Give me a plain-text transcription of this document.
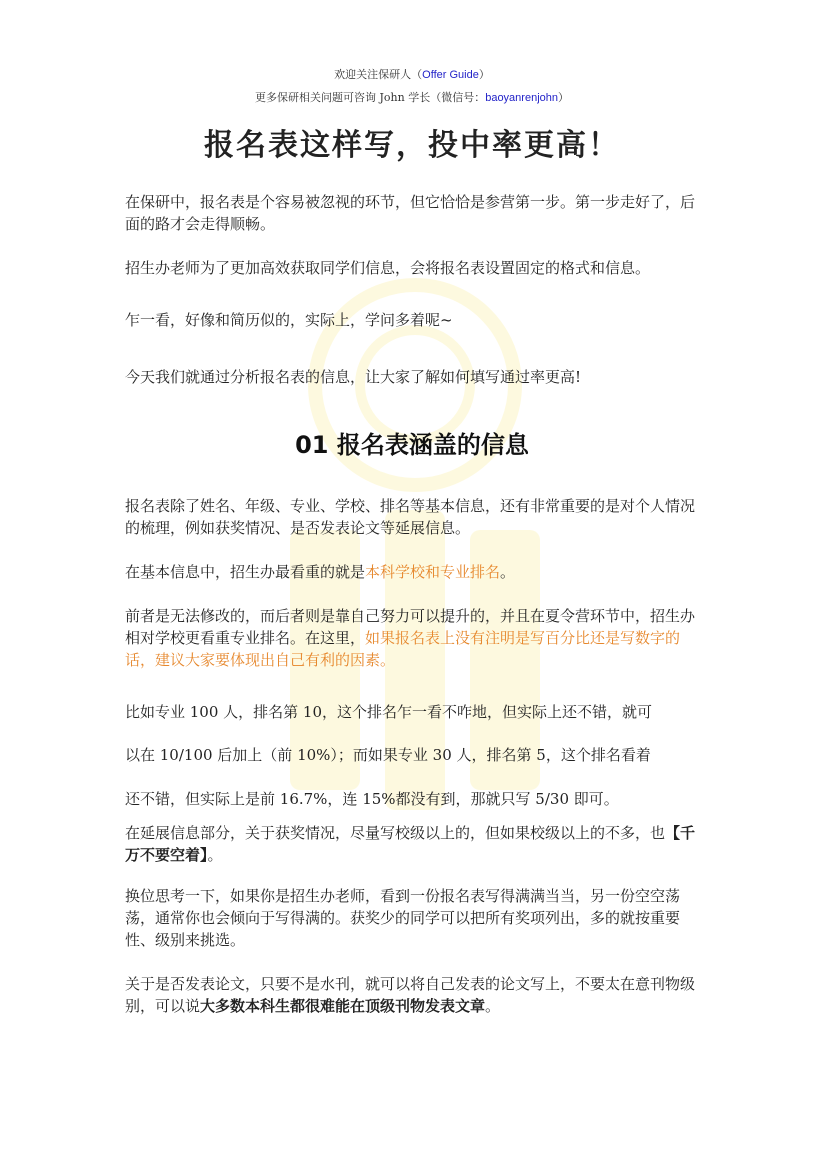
欢迎关注保研人（Offer Guide）
更多保研相关问题可咨询 John 学长（微信号：baoyanrenjohn）
报名表这样写，投中率更高！

在保研中，报名表是个容易被忽视的环节，但它恰恰是参营第一步。第一步走好了，后面的路才会走得顺畅。

招生办老师为了更加高效获取同学们信息，会将报名表设置固定的格式和信息。

乍一看，好像和简历似的，实际上，学问多着呢~

今天我们就通过分析报名表的信息，让大家了解如何填写通过率更高!

01 报名表涵盖的信息

报名表除了姓名、年级、专业、学校、排名等基本信息，还有非常重要的是对个人情况的梳理，例如获奖情况、是否发表论文等延展信息。

在基本信息中，招生办最看重的就是本科学校和专业排名。

前者是无法修改的，而后者则是靠自己努力可以提升的，并且在夏令营环节中，招生办相对学校更看重专业排名。在这里，如果报名表上没有注明是写百分比还是写数字的话，建议大家要体现出自己有利的因素。

比如专业 100 人，排名第 10，这个排名乍一看不咋地，但实际上还不错，就可

以在 10/100 后加上（前 10%）；而如果专业 30 人，排名第 5，这个排名看着

还不错，但实际上是前 16.7%，连 15%都没有到，那就只写 5/30 即可。

在延展信息部分，关于获奖情况，尽量写校级以上的，但如果校级以上的不多，也【千万不要空着】。

换位思考一下，如果你是招生办老师，看到一份报名表写得满满当当，另一份空空荡荡，通常你也会倾向于写得满的。获奖少的同学可以把所有奖项列出，多的就按重要性、级别来挑选。

关于是否发表论文，只要不是水刊，就可以将自己发表的论文写上，不要太在意刊物级别，可以说大多数本科生都很难能在顶级刊物发表文章。
